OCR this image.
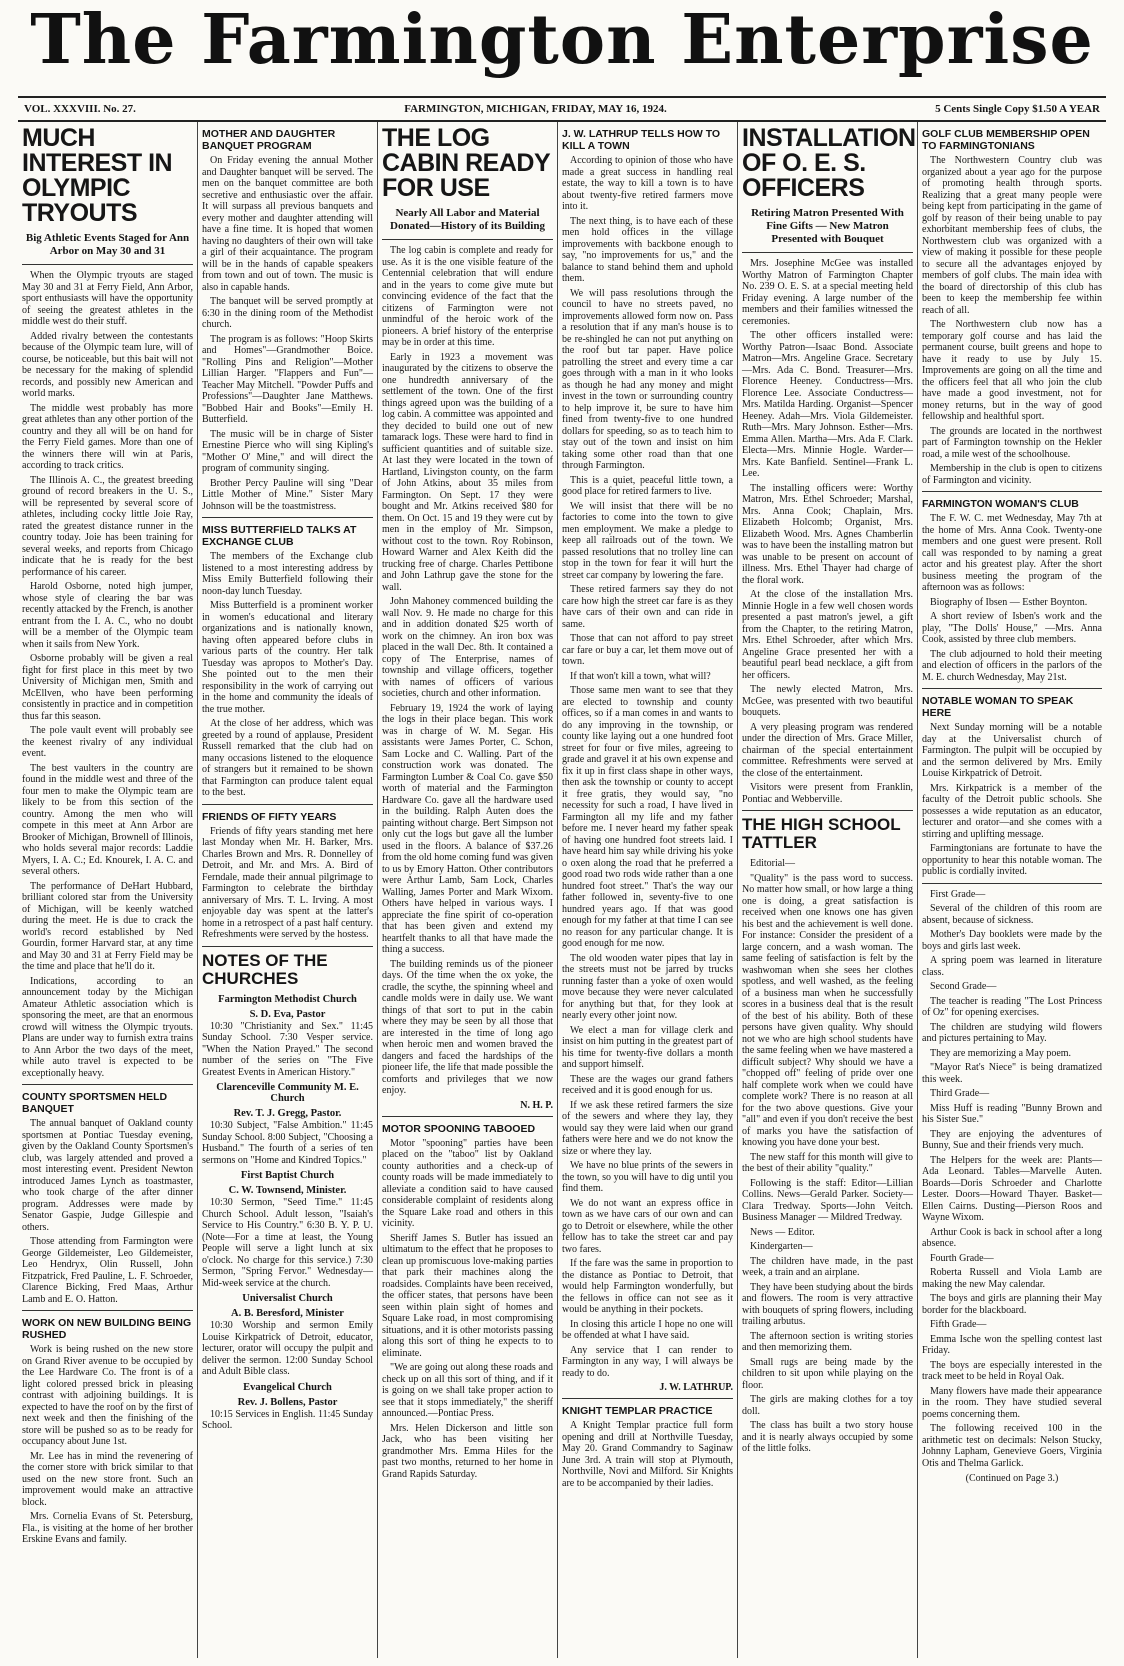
The Farmington Enterprise
VOL. XXXVIII. No. 27.	FARMINGTON, MICHIGAN, FRIDAY, MAY 16, 1924.	5 Cents Single Copy $1.50 A YEAR
MUCH INTEREST IN OLYMPIC TRYOUTS
Big Athletic Events Staged for Ann Arbor on May 30 and 31

When the Olympic tryouts are staged May 30 and 31 at Ferry Field, Ann Arbor, sport enthusiasts will have the opportunity of seeing the greatest athletes in the middle west do their stuff.

Added rivalry between the contestants because of the Olympic team lure, will of course, be noticeable, but this bait will not be necessary for the making of splendid records, and possibly new American and world marks.

The middle west probably has more great athletes than any other portion of the country and they all will be on hand for the Ferry Field games. More than one of the winners there will win at Paris, according to track critics.

The Illinois A. C., the greatest breeding ground of record breakers in the U. S., will be represented by several score of athletes, including cocky little Joie Ray, rated the greatest distance runner in the country today. Joie has been training for several weeks, and reports from Chicago indicate that he is ready for the best performance of his career.

Harold Osborne, noted high jumper, whose style of clearing the bar was recently attacked by the French, is another entrant from the I. A. C., who no doubt will be a member of the Olympic team when it sails from New York.

Osborne probably will be given a real fight for first place in this meet by two University of Michigan men, Smith and McEllven, who have been performing consistently in practice and in competition thus far this season.

The pole vault event will probably see the keenest rivalry of any individual event.

The best vaulters in the country are found in the middle west and three of the four men to make the Olympic team are likely to be from this section of the country. Among the men who will compete in this meet at Ann Arbor are Brooker of Michigan, Brownell of Illinois, who holds several major records: Laddie Myers, I. A. C.; Ed. Knourek, I. A. C. and several others.

The performance of DeHart Hubbard, brilliant colored star from the University of Michigan, will be keenly watched during the meet. He is due to crack the world's record established by Ned Gourdin, former Harvard star, at any time and May 30 and 31 at Ferry Field may be the time and place that he'll do it.

Indications, according to an announcement today by the Michigan Amateur Athletic association which is sponsoring the meet, are that an enormous crowd will witness the Olympic tryouts. Plans are under way to furnish extra trains to Ann Arbor the two days of the meet, while auto travel is expected to be exceptionally heavy.

COUNTY SPORTSMEN HELD BANQUET

The annual banquet of Oakland county sportsmen at Pontiac Tuesday evening, given by the Oakland County Sportsmen's club, was largely attended and proved a most interesting event. President Newton introduced James Lynch as toastmaster, who took charge of the after dinner program. Addresses were made by Senator Gaspie, Judge Gillespie and others.

Those attending from Farmington were George Gildemeister, Leo Gildemeister, Leo Hendryx, Olin Russell, John Fitzpatrick, Fred Pauline, L. F. Schroeder, Clarence Bicking, Fred Maas, Arthur Lamb and E. O. Hatton.

WORK ON NEW BUILDING BEING RUSHED

Work is being rushed on the new store on Grand River avenue to be occupied by the Lee Hardware Co. The front is of a light colored pressed brick in pleasing contrast with adjoining buildings. It is expected to have the roof on by the first of next week and then the finishing of the store will be pushed so as to be ready for occupancy about June 1st.

Mr. Lee has in mind the revenering of the corner store with brick similar to that used on the new store front. Such an improvement would make an attractive block.

Mrs. Cornelia Evans of St. Petersburg, Fla., is visiting at the home of her brother Erskine Evans and family.

MOTHER AND DAUGHTER BANQUET PROGRAM

On Friday evening the annual Mother and Daughter banquet will be served. The men on the banquet committee are both secretive and enthusiastic over the affair. It will surpass all previous banquets and every mother and daughter attending will have a fine time. It is hoped that women having no daughters of their own will take a girl of their acquaintance. The program will be in the hands of capable speakers from town and out of town. The music is also in capable hands.

The banquet will be served promptly at 6:30 in the dining room of the Methodist church.

The program is as follows: "Hoop Skirts and Homes"—Grandmother Boice. "Rolling Pins and Religion"—Mother Lillian Harger. "Flappers and Fun"—Teacher May Mitchell. "Powder Puffs and Professions"—Daughter Jane Matthews. "Bobbed Hair and Books"—Emily H. Butterfield.

The music will be in charge of Sister Ernestine Pierce who will sing Kipling's "Mother O' Mine," and will direct the program of community singing.

Brother Percy Pauline will sing "Dear Little Mother of Mine." Sister Mary Johnson will be the toastmistress.

MISS BUTTERFIELD TALKS AT EXCHANGE CLUB

The members of the Exchange club listened to a most interesting address by Miss Emily Butterfield following their noon-day lunch Tuesday.

Miss Butterfield is a prominent worker in women's educational and literary organizations and is nationally known, having often appeared before clubs in various parts of the country. Her talk Tuesday was apropos to Mother's Day. She pointed out to the men their responsibility in the work of carrying out in the home and community the ideals of the true mother.

At the close of her address, which was greeted by a round of applause, President Russell remarked that the club had on many occasions listened to the eloquence of strangers but it remained to be shown that Farmington can produce talent equal to the best.

FRIENDS OF FIFTY YEARS

Friends of fifty years standing met here last Monday when Mr. H. Barker, Mrs. Charles Brown and Mrs. R. Donnelley of Detroit, and Mr. and Mrs. A. Bird of Ferndale, made their annual pilgrimage to Farmington to celebrate the birthday anniversary of Mrs. T. L. Irving. A most enjoyable day was spent at the latter's home in a retrospect of a past half century. Refreshments were served by the hostess.

NOTES OF THE CHURCHES
Farmington Methodist Church
S. D. Eva, Pastor

10:30 "Christianity and Sex." 11:45 Sunday School. 7:30 Vesper service. "When the Nation Prayed." The second number of the series on "The Five Greatest Events in American History."

Clarenceville Community M. E. Church
Rev. T. J. Gregg, Pastor.

10:30 Subject, "False Ambition." 11:45 Sunday School. 8:00 Subject, "Choosing a Husband." The fourth of a series of ten sermons on "Home and Kindred Topics."

First Baptist Church
C. W. Townsend, Minister.

10:30 Sermon, "Seed Time." 11:45 Church School. Adult lesson, "Isaiah's Service to His Country." 6:30 B. Y. P. U. (Note—For a time at least, the Young People will serve a light lunch at six o'clock. No charge for this service.) 7:30 Sermon, "Spring Fervor." Wednesday—Mid-week service at the church.

Universalist Church
A. B. Beresford, Minister

10:30 Worship and sermon Emily Louise Kirkpatrick of Detroit, educator, lecturer, orator will occupy the pulpit and deliver the sermon. 12:00 Sunday School and Adult Bible class.

Evangelical Church
Rev. J. Bollens, Pastor

10:15 Services in English. 11:45 Sunday School.

THE LOG CABIN READY FOR USE
Nearly All Labor and Material Donated—History of its Building

The log cabin is complete and ready for use. As it is the one visible feature of the Centennial celebration that will endure and in the years to come give mute but convincing evidence of the fact that the citizens of Farmington were not unmindful of the heroic work of the pioneers. A brief history of the enterprise may be in order at this time.

Early in 1923 a movement was inaugurated by the citizens to observe the one hundredth anniversary of the settlement of the town. One of the first things agreed upon was the building of a log cabin. A committee was appointed and they decided to build one out of new tamarack logs. These were hard to find in sufficient quantities and of suitable size. At last they were located in the town of Hartland, Livingston county, on the farm of John Atkins, about 35 miles from Farmington. On Sept. 17 they were bought and Mr. Atkins received $80 for them. On Oct. 15 and 19 they were cut by men in the employ of Mr. Simpson, without cost to the town. Roy Robinson, Howard Warner and Alex Keith did the trucking free of charge. Charles Pettibone and John Lathrup gave the stone for the wall.

John Mahoney commenced building the wall Nov. 9. He made no charge for this and in addition donated $25 worth of work on the chimney. An iron box was placed in the wall Dec. 8th. It contained a copy of The Enterprise, names of township and village officers, together with names of officers of various societies, church and other information.

February 19, 1924 the work of laying the logs in their place began. This work was in charge of W. M. Segar. His assistants were James Porter, C. Schon, Sam Locke and C. Walling. Part of the construction work was donated. The Farmington Lumber & Coal Co. gave $50 worth of material and the Farmington Hardware Co. gave all the hardware used in the building. Ralph Auten does the painting without charge. Bert Simpson not only cut the logs but gave all the lumber used in the floors. A balance of $37.26 from the old home coming fund was given to us by Emory Hatton. Other contributors were Arthur Lamb, Sam Lock, Charles Walling, James Porter and Mark Wixom. Others have helped in various ways. I appreciate the fine spirit of co-operation that has been given and extend my heartfelt thanks to all that have made the thing a success.

The building reminds us of the pioneer days. Of the time when the ox yoke, the cradle, the scythe, the spinning wheel and candle molds were in daily use. We want things of that sort to put in the cabin where they may be seen by all those that are interested in the time of long ago when heroic men and women braved the dangers and faced the hardships of the pioneer life, the life that made possible the comforts and privileges that we now enjoy.

N. H. P.
MOTOR SPOONING TABOOED

Motor "spooning" parties have been placed on the "taboo" list by Oakland county authorities and a check-up of county roads will be made immediately to alleviate a condition said to have caused considerable complaint of residents along the Square Lake road and others in this vicinity.

Sheriff James S. Butler has issued an ultimatum to the effect that he proposes to clean up promiscuous love-making parties that park their machines along the roadsides. Complaints have been received, the officer states, that persons have been seen within plain sight of homes and Square Lake road, in most compromising situations, and it is other motorists passing along this sort of thing he expects to to eliminate.

"We are going out along these roads and check up on all this sort of thing, and if it is going on we shall take proper action to see that it stops immediately," the sheriff announced.—Pontiac Press.

Mrs. Helen Dickerson and little son Jack, who has been visiting her grandmother Mrs. Emma Hiles for the past two months, returned to her home in Grand Rapids Saturday.

J. W. LATHRUP TELLS HOW TO KILL A TOWN

According to opinion of those who have made a great success in handling real estate, the way to kill a town is to have about twenty-five retired farmers move into it.

The next thing, is to have each of these men hold offices in the village improvements with backbone enough to say, "no improvements for us," and the balance to stand behind them and uphold them.

We will pass resolutions through the council to have no streets paved, no improvements allowed form now on. Pass a resolution that if any man's house is to be re-shingled he can not put anything on the roof but tar paper. Have police patrolling the street and every time a car goes through with a man in it who looks as though he had any money and might invest in the town or surrounding country to help improve it, be sure to have him fined from twenty-five to one hundred dollars for speeding, so as to teach him to stay out of the town and insist on him taking some other road than that one through Farmington.

This is a quiet, peaceful little town, a good place for retired farmers to live.

We will insist that there will be no factories to come into the town to give men employment. We make a pledge to keep all railroads out of the town. We passed resolutions that no trolley line can stop in the town for fear it will hurt the street car company by lowering the fare.

These retired farmers say they do not care how high the street car fare is as they have cars of their own and can ride in same.

Those that can not afford to pay street car fare or buy a car, let them move out of town.

If that won't kill a town, what will?

Those same men want to see that they are elected to township and county offices, so if a man comes in and wants to do any improving in the township, or county like laying out a one hundred foot street for four or five miles, agreeing to grade and gravel it at his own expense and fix it up in first class shape in other ways, then ask the township or county to accept it free gratis, they would say, "no necessity for such a road, I have lived in Farmington all my life and my father before me. I never heard my father speak of having one hundred foot streets laid. I have heard him say while driving his yoke o oxen along the road that he preferred a good road two rods wide rather than a one hundred foot street." That's the way our father followed in, seventy-five to one hundred years ago. If that was good enough for my father at that time I can see no reason for any particular change. It is good enough for me now.

The old wooden water pipes that lay in the streets must not be jarred by trucks running faster than a yoke of oxen would move because they were never calculated for anything but that, for they look at nearly every other joint now.

We elect a man for village clerk and insist on him putting in the greatest part of his time for twenty-five dollars a month and support himself.

These are the wages our grand fathers received and it is good enough for us.

If we ask these retired farmers the size of the sewers and where they lay, they would say they were laid when our grand fathers were here and we do not know the size or where they lay.

We have no blue prints of the sewers in the town, so you will have to dig until you find them.

We do not want an express office in town as we have cars of our own and can go to Detroit or elsewhere, while the other fellow has to take the street car and pay two fares.

If the fare was the same in proportion to the distance as Pontiac to Detroit, that would help Farmington wonderfully, but the fellows in office can not see as it would be anything in their pockets.

In closing this article I hope no one will be offended at what I have said.

Any service that I can render to Farmington in any way, I will always be ready to do.

J. W. LATHRUP.
KNIGHT TEMPLAR PRACTICE

A Knight Templar practice full form opening and drill at Northville Tuesday, May 20. Grand Commandry to Saginaw June 3rd. A train will stop at Plymouth, Northville, Novi and Milford. Sir Knights are to be accompanied by their ladies.

INSTALLATION OF O. E. S. OFFICERS
Retiring Matron Presented With Fine Gifts — New Matron Presented with Bouquet

Mrs. Josephine McGee was installed Worthy Matron of Farmington Chapter No. 239 O. E. S. at a special meeting held Friday evening. A large number of the members and their families witnessed the ceremonies.

The other officers installed were: Worthy Patron—Isaac Bond. Associate Matron—Mrs. Angeline Grace. Secretary—Mrs. Ada C. Bond. Treasurer—Mrs. Florence Heeney. Conductress—Mrs. Florence Lee. Associate Conductress—Mrs. Matilda Harding. Organist—Spencer Heeney. Adah—Mrs. Viola Gildemeister. Ruth—Mrs. Mary Johnson. Esther—Mrs. Emma Allen. Martha—Mrs. Ada F. Clark. Electa—Mrs. Minnie Hogle. Warder—Mrs. Kate Banfield. Sentinel—Frank L. Lee.

The installing officers were: Worthy Matron, Mrs. Ethel Schroeder; Marshal, Mrs. Anna Cook; Chaplain, Mrs. Elizabeth Holcomb; Organist, Mrs. Elizabeth Wood. Mrs. Agnes Chamberlin was to have been the installing matron but was unable to be present on account of illness. Mrs. Ethel Thayer had charge of the floral work.

At the close of the installation Mrs. Minnie Hogle in a few well chosen words presented a past matron's jewel, a gift from the Chapter, to the retiring Matron, Mrs. Ethel Schroeder, after which Mrs. Angeline Grace presented her with a beautiful pearl bead necklace, a gift from her officers.

The newly elected Matron, Mrs. McGee, was presented with two beautiful bouquets.

A very pleasing program was rendered under the direction of Mrs. Grace Miller, chairman of the special entertainment committee. Refreshments were served at the close of the entertainment.

Visitors were present from Franklin, Pontiac and Webberville.

THE HIGH SCHOOL TATTLER

Editorial—

"Quality" is the pass word to success. No matter how small, or how large a thing one is doing, a great satisfaction is received when one knows one has given his best and the achievement is well done. For instance: Consider the president of a large concern, and a wash woman. The same feeling of satisfaction is felt by the washwoman when she sees her clothes spotless, and well washed, as the feeling of a business man when he successfully scores in a business deal that is the result of the best of his ability. Both of these persons have given quality. Why should not we who are high school students have the same feeling when we have mastered a difficult subject? Why should we have a "chopped off" feeling of pride over one half complete work when we could have complete work? There is no reason at all for the two above questions. Give your "all" and even if you don't receive the best of marks you have the satisfaction of knowing you have done your best.

The new staff for this month will give to the best of their ability "quality."

Following is the staff: Editor—Lillian Collins. News—Gerald Parker. Society—Clara Tredway. Sports—John Veitch. Business Manager — Mildred Tredway.

News — Editor.

Kindergarten—

The children have made, in the past week, a train and an airplane.

They have been studying about the birds and flowers. The room is very attractive with bouquets of spring flowers, including trailing arbutus.

The afternoon section is writing stories and then memorizing them.

Small rugs are being made by the children to sit upon while playing on the floor.

The girls are making clothes for a toy doll.

The class has built a two story house and it is nearly always occupied by some of the little folks.

GOLF CLUB MEMBERSHIP OPEN TO FARMINGTONIANS

The Northwestern Country club was organized about a year ago for the purpose of promoting health through sports. Realizing that a great many people were being kept from participating in the game of golf by reason of their being unable to pay exhorbitant membership fees of clubs, the Northwestern club was organized with a view of making it possible for these people to secure all the advantages enjoyed by members of golf clubs. The main idea with the board of directorship of this club has been to keep the membership fee within reach of all.

The Northwestern club now has a temporary golf course and has laid the permanent course, built greens and hope to have it ready to use by July 15. Improvements are going on all the time and the officers feel that all who join the club have made a good investment, not for money returns, but in the way of good fellowship and healthful sport.

The grounds are located in the northwest part of Farmington township on the Hekler road, a mile west of the schoolhouse.

Membership in the club is open to citizens of Farmington and vicinity.

FARMINGTON WOMAN'S CLUB

The F. W. C. met Wednesday, May 7th at the home of Mrs. Anna Cook. Twenty-one members and one guest were present. Roll call was responded to by naming a great actor and his greatest play. After the short business meeting the program of the afternoon was as follows:

Biography of Ibsen — Esther Boynton.

A short review of Isben's work and the play, "The Dolls' House," —Mrs. Anna Cook, assisted by three club members.

The club adjourned to hold their meeting and election of officers in the parlors of the M. E. church Wednesday, May 21st.

NOTABLE WOMAN TO SPEAK HERE

Next Sunday morning will be a notable day at the Universalist church of Farmington. The pulpit will be occupied by and the sermon delivered by Mrs. Emily Louise Kirkpatrick of Detroit.

Mrs. Kirkpatrick is a member of the faculty of the Detroit public schools. She possesses a wide reputation as an educator, lecturer and orator—and she comes with a stirring and uplifting message.

Farmingtonians are fortunate to have the opportunity to hear this notable woman. The public is cordially invited.

First Grade—

Several of the children of this room are absent, because of sickness.

Mother's Day booklets were made by the boys and girls last week.

A spring poem was learned in literature class.

Second Grade—

The teacher is reading "The Lost Princess of Oz" for opening exercises.

The children are studying wild flowers and pictures pertaining to May.

They are memorizing a May poem.

"Mayor Rat's Niece" is being dramatized this week.

Third Grade—

Miss Huff is reading "Bunny Brown and his Sister Sue."

They are enjoying the adventures of Bunny, Sue and their friends very much.

The Helpers for the week are: Plants—Ada Leonard. Tables—Marvelle Auten. Boards—Doris Schroeder and Charlotte Lester. Doors—Howard Thayer. Basket—Ellen Cairns. Dusting—Pierson Roos and Wayne Wixom.

Arthur Cook is back in school after a long absence.

Fourth Grade—

Roberta Russell and Viola Lamb are making the new May calendar.

The boys and girls are planning their May border for the blackboard.

Fifth Grade—

Emma Ische won the spelling contest last Friday.

The boys are especially interested in the track meet to be held in Royal Oak.

Many flowers have made their appearance in the room. They have studied several poems concerning them.

The following received 100 in the arithmetic test on decimals: Nelson Stucky, Johnny Lapham, Genevieve Goers, Virginia Otis and Thelma Garlick.

(Continued on Page 3.)
